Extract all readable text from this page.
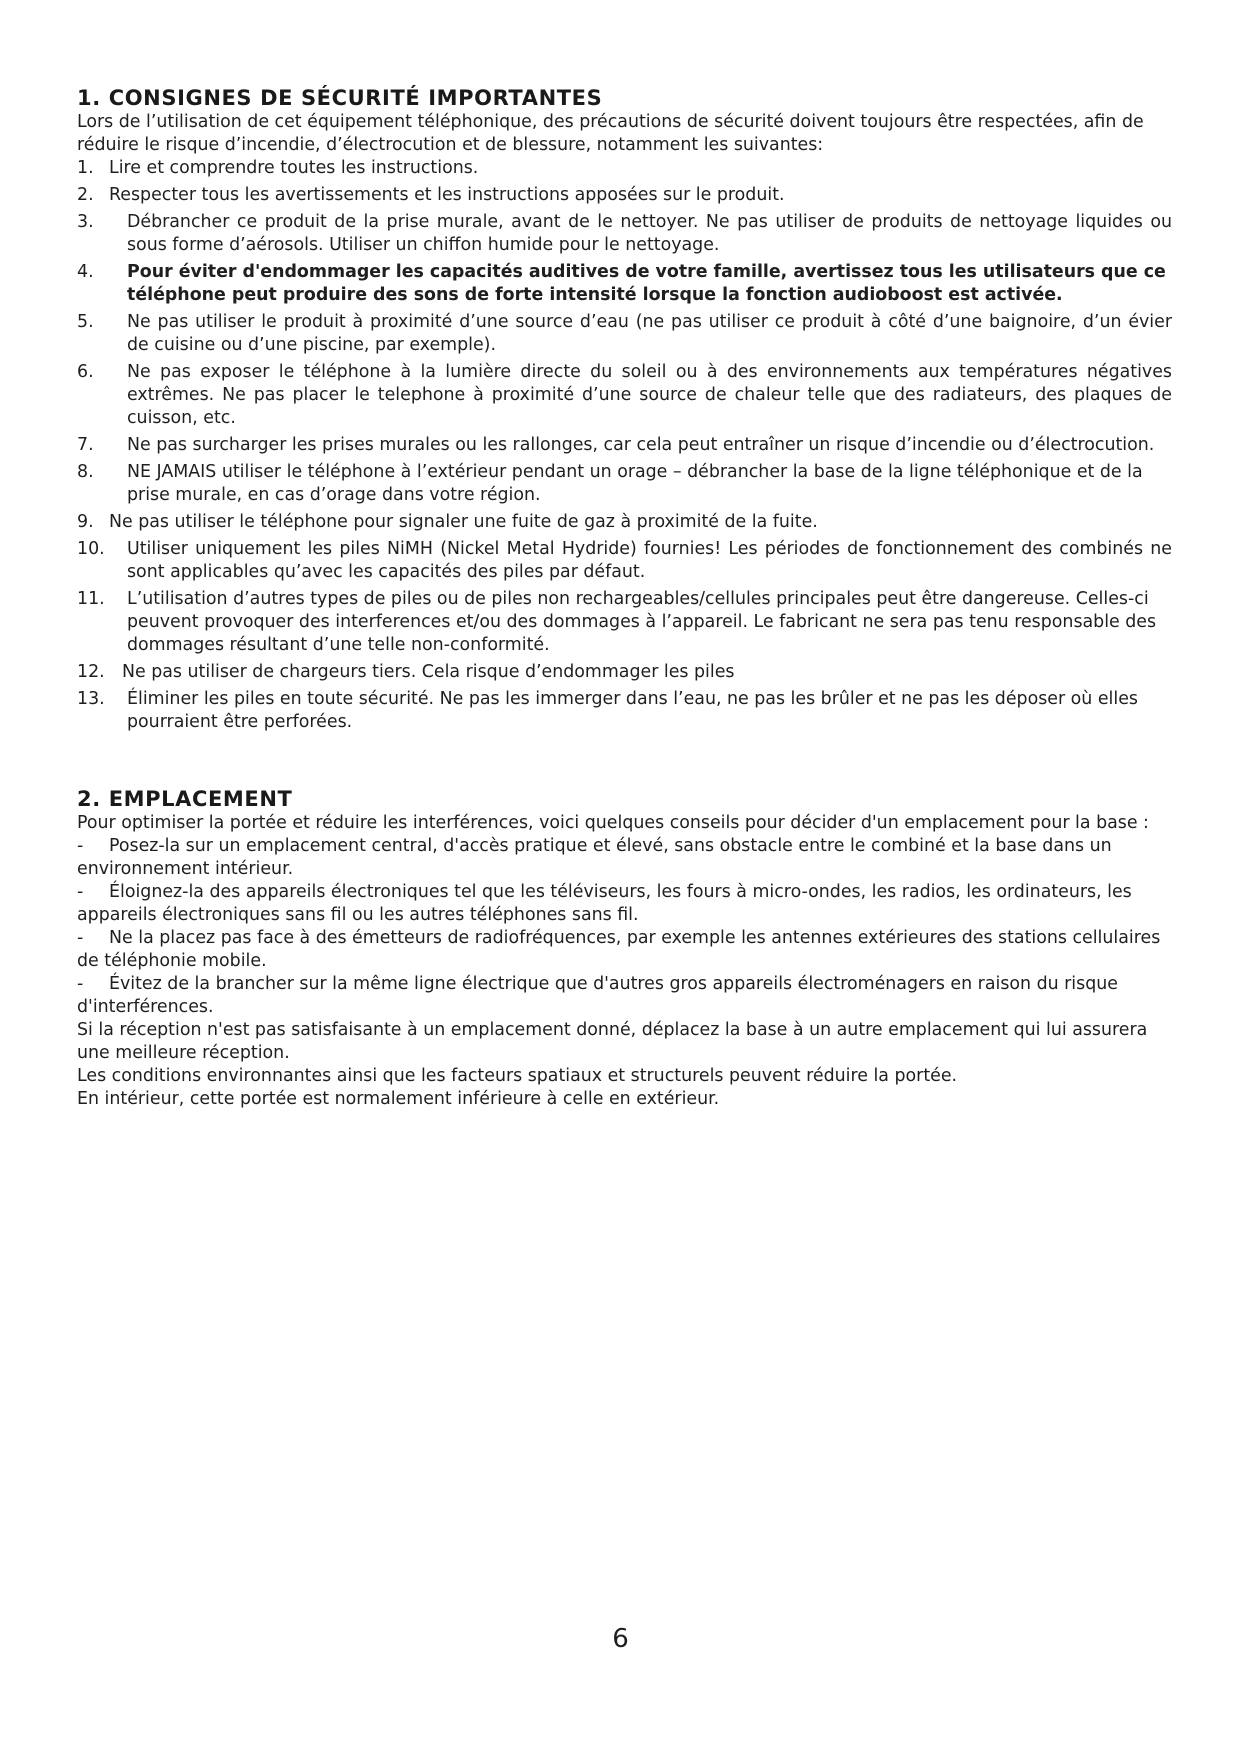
1. CONSIGNES DE SÉCURITÉ IMPORTANTES

Lors de l’utilisation de cet équipement téléphonique, des précautions de sécurité doivent toujours être respectées, afin de réduire le risque d’incendie, d’électrocution et de blessure, notamment les suivantes:

1. Lire et comprendre toutes les instructions.
2. Respecter tous les avertissements et les instructions apposées sur le produit.
3.	Débrancher ce produit de la prise murale, avant de le nettoyer. Ne pas utiliser de produits de nettoyage liquides ou sous forme d’aérosols. Utiliser un chiffon humide pour le nettoyage.
4.	Pour éviter d'endommager les capacités auditives de votre famille, avertissez tous les utilisateurs que ce téléphone peut produire des sons de forte intensité lorsque la fonction audioboost est activée.
5.	Ne pas utiliser le produit à proximité d’une source d’eau (ne pas utiliser ce produit à côté d’une baignoire, d’un évier de cuisine ou d’une piscine, par exemple).
6.	Ne pas exposer le téléphone à la lumière directe du soleil ou à des environnements aux températures négatives extrêmes. Ne pas placer le telephone à proximité d’une source de chaleur telle que des radiateurs, des plaques de cuisson, etc.
7.	Ne pas surcharger les prises murales ou les rallonges, car cela peut entraîner un risque d’incendie ou d’électrocution.
8.	NE JAMAIS utiliser le téléphone à l’extérieur pendant un orage – débrancher la base de la ligne téléphonique et de la prise murale, en cas d’orage dans votre région.
9. Ne pas utiliser le téléphone pour signaler une fuite de gaz à proximité de la fuite.
10.	Utiliser uniquement les piles NiMH (Nickel Metal Hydride) fournies! Les périodes de fonctionnement des combinés ne sont applicables qu’avec les capacités des piles par défaut.
11.	L’utilisation d’autres types de piles ou de piles non rechargeables/cellules principales peut être dangereuse. Celles-ci peuvent provoquer des interferences et/ou des dommages à l’appareil. Le fabricant ne sera pas tenu responsable des dommages résultant d’une telle non-conformité.
12. Ne pas utiliser de chargeurs tiers. Cela risque d’endommager les piles
13.	Éliminer les piles en toute sécurité. Ne pas les immerger dans l’eau, ne pas les brûler et ne pas les déposer où elles pourraient être perforées.
2. EMPLACEMENT

Pour optimiser la portée et réduire les interférences, voici quelques conseils pour décider d'un emplacement pour la base :

- Posez-la sur un emplacement central, d'accès pratique et élevé, sans obstacle entre le combiné et la base dans un environnement intérieur.

- Éloignez-la des appareils électroniques tel que les téléviseurs, les fours à micro-ondes, les radios, les ordinateurs, les appareils électroniques sans fil ou les autres téléphones sans fil.

- Ne la placez pas face à des émetteurs de radiofréquences, par exemple les antennes extérieures des stations cellulaires de téléphonie mobile.

- Évitez de la brancher sur la même ligne électrique que d'autres gros appareils électroménagers en raison du risque d'interférences.

Si la réception n'est pas satisfaisante à un emplacement donné, déplacez la base à un autre emplacement qui lui assurera une meilleure réception.

Les conditions environnantes ainsi que les facteurs spatiaux et structurels peuvent réduire la portée.

En intérieur, cette portée est normalement inférieure à celle en extérieur.

6
